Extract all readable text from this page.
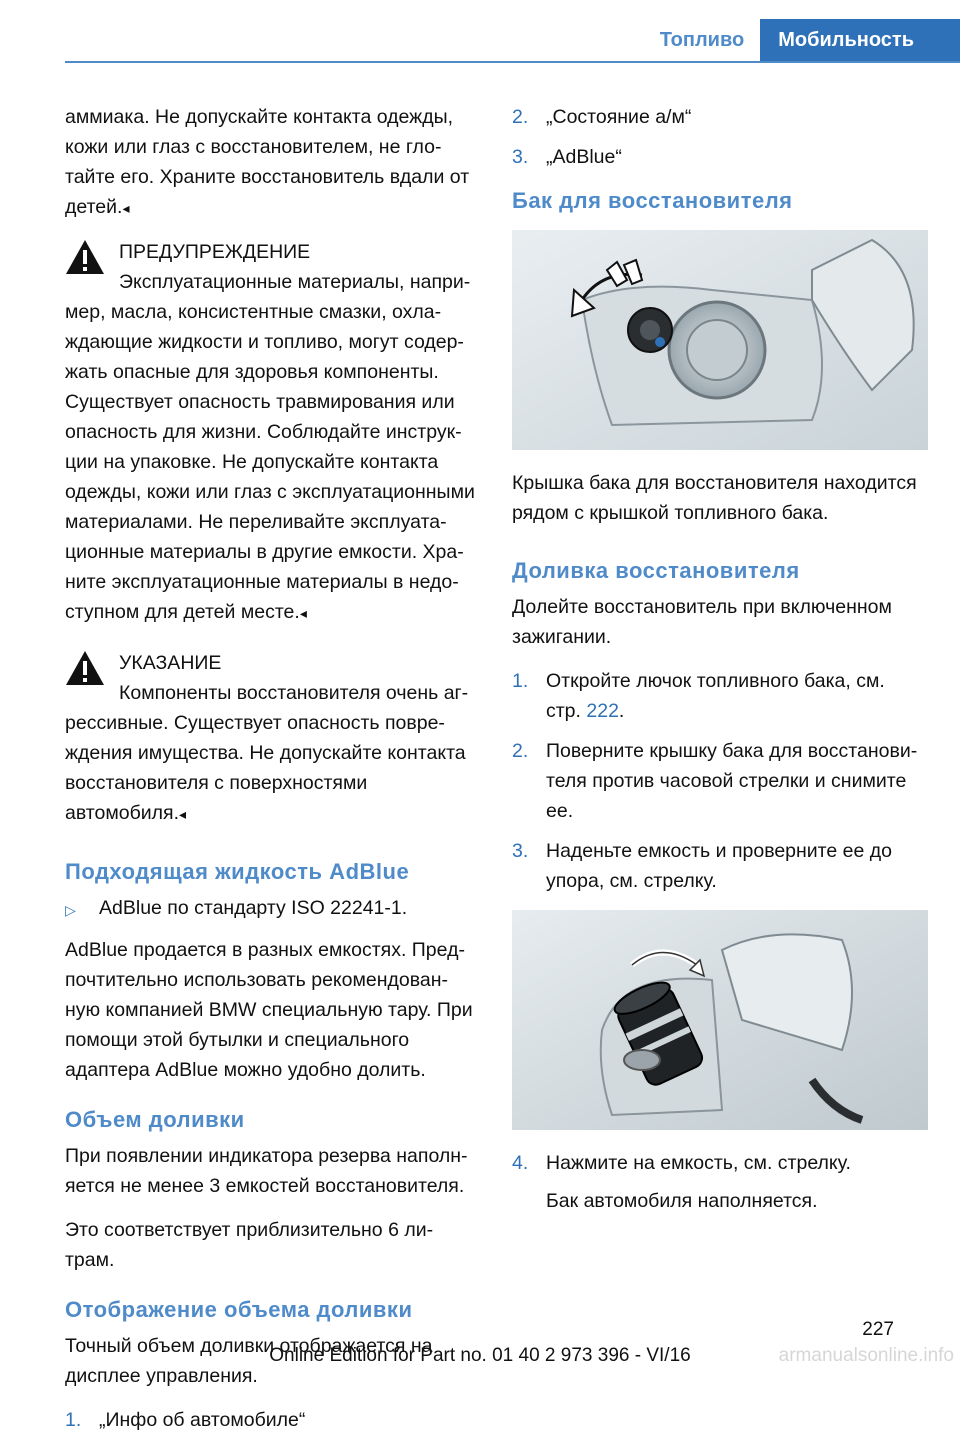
Топливо	Мобильность

аммиака. Не допускайте контакта одежды,
кожи или глаз с восстановителем, не гло-
тайте его. Храните восстановитель вдали от
детей.◂

ПРЕДУПРЕЖДЕНИЕ
Эксплуатационные материалы, напри-

мер, масла, консистентные смазки, охла-
ждающие жидкости и топливо, могут содер-
жать опасные для здоровья компоненты.
Существует опасность травмирования или
опасность для жизни. Соблюдайте инструк-
ции на упаковке. Не допускайте контакта
одежды, кожи или глаз с эксплуатационными
материалами. Не переливайте эксплуата-
ционные материалы в другие емкости. Хра-
ните эксплуатационные материалы в недо-
ступном для детей месте.◂

УКАЗАНИЕ
Компоненты восстановителя очень аг-

рессивные. Существует опасность повре-
ждения имущества. Не допускайте контакта
восстановителя с поверхностями
автомобиля.◂

Подходящая жидкость AdBlue
▷	AdBlue по стандарту ISO 22241-1.

AdBlue продается в разных емкостях. Пред-
почтительно использовать рекомендован-
ную компанией BMW специальную тару. При
помощи этой бутылки и специального
адаптера AdBlue можно удобно долить.

Объем доливки

При появлении индикатора резерва наполн-
яется не менее 3 емкостей восстановителя.

Это соответствует приблизительно 6 ли-
трам.

Отображение объема доливки

Точный объем доливки отображается на
дисплее управления.

1. „Инфо об автомобиле“
2. „Состояние а/м“
3. „AdBlue“
Бак для восстановителя

Крышка бака для восстановителя находится
рядом с крышкой топливного бака.

Доливка восстановителя

Долейте восстановитель при включенном
зажигании.

1. Откройте лючок топливного бака, см.
стр. 222.
2. Поверните крышку бака для восстанови-
теля против часовой стрелки и снимите
ее.
3. Наденьте емкость и проверните ее до
упора, см. стрелку.
4. Нажмите на емкость, см. стрелку.
Бак автомобиля наполняется.
227
Online Edition for Part no. 01 40 2 973 396 - VI/16	armanualsonline.info
